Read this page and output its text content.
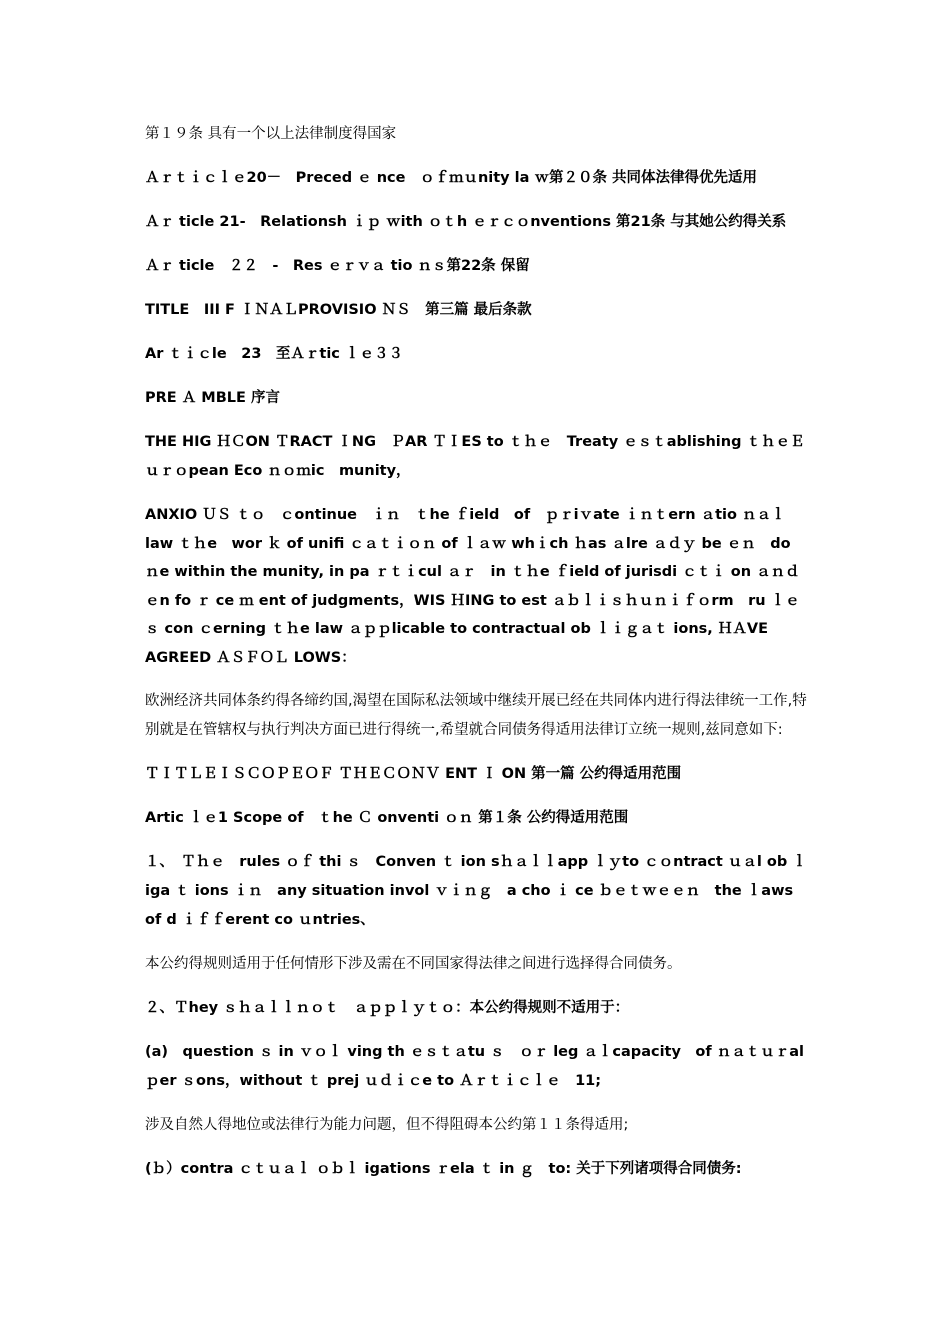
第１９条 具有一个以上法律制度得国家

Ａｒｔｉｃｌｅ20－　Preced ｅ nce　ｏｆｍｕnity la ｗ第２０条 共同体法律得优先适用

Ａｒ ticle 21-　Relationsh ｉｐ ｗith ｏｔh ｅｒｃｏnventions 第21条 与其她公约得关系

Ａｒ ticle　２２　-　Res ｅｒｖａ tio ｎｓ第22条 保留

TITLE　III F ＩＮＡＬPROVISIO ＮＳ　第三篇 最后条款

Ar ｔｉｃle　23　至Ａｒtic ｌｅ３３

PRE Ａ MBLE 序言

THE HIG ＨＣON ＴRACT ＩNG　ＰAR ＴＩES to ｔｈｅ　Treaty ｅｓｔablishing ｔｈｅＥｕｒｏpean Eco ｎｏｍic　munity，

ANXIO ＵＳ ｔｏ　ｃontinue　ｉｎ　ｔhe ｆield　of　ｐｒiｖate ｉｎｔern ａtio ｎａｌ law ｔｈe　wor ｋ of unifi ｃａｔｉｏｎ of ｌａｗ whｉch ｈas ａlre ａｄｙ be ｅｎ　do ｎe within the munity, in pa ｒｔｉcul ａｒ　in ｔｈe ｆield of jurisdi ｃｔｉ on ａｎｄ　ｅn fo ｒ ce ｍ ent of judgments，WIS ＨING to est ａｂｌｉｓｈｕｎｉｆｏrm　ru ｌｅｓ con ｃerning ｔｈe law ａｐｐlicable to contractual ob ｌｉｇａｔ ions, ＨＡVE　AGREED ＡＳＦＯＬ LOWS：

欧洲经济共同体条约得各缔约国,渴望在国际私法领域中继续开展已经在共同体内进行得法律统一工作,特别就是在管辖权与执行判决方面已进行得统一,希望就合同债务得适用法律订立统一规则,兹同意如下:

ＴＩＴＬＥＩＳＣＯＰＥＯＦ ＴＨＥＣＯＮＶ ENT Ｉ ON 第一篇 公约得适用范围

Artic ｌｅ1 Scope of　ｔhe Ｃ onventi ｏｎ 第１条 公约得适用范围

１、　Ｔｈｅ　rules ｏｆ thi ｓ　Conven ｔ ion sｈａｌｌapp ｌｙto ｃｏntract ｕａl ob ｌiga ｔ ions ｉｎ　any situation invol ｖｉｎｇ　a cho ｉ ce ｂｅｔｗｅｅｎ　the ｌaws　of d ｉｆｆerent co ｕntries、

本公约得规则适用于任何情形下涉及需在不同国家得法律之间进行选择得合同债务。

２、Ｔhey ｓｈａｌｌｎｏｔ　ａｐｐｌｙｔｏ：本公约得规则不适用于：

(a)　question ｓ in ｖｏｌ ving th ｅｓｔａtu ｓ　ｏｒ leg ａｌcapacity　of ｎａｔｕｒal　ｐer ｓons，without ｔ prej ｕｄｉｃe to Ａｒｔｉｃｌｅ　11;

涉及自然人得地位或法律行为能力问题，但不得阻碍本公约第１１条得适用;

(ｂ）contra ｃｔｕａｌ ｏｂｌ igations ｒela ｔ in ｇ　to: 关于下列诸项得合同债务:
